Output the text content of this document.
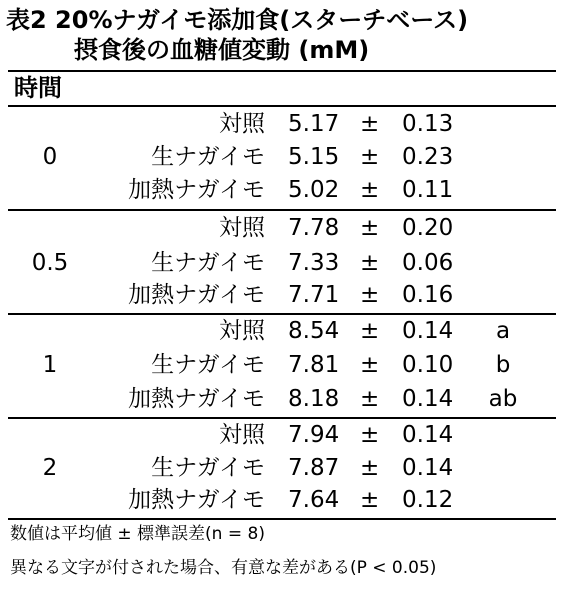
表2 20%ナガイモ添加食(スターチベース)
摂食後の血糖値変動 (mM)
時間
対照 5.17 ± 0.13
0	生ナガイモ 5.15 ± 0.23
加熱ナガイモ 5.02 ± 0.11
対照 7.78 ± 0.20
0.5	生ナガイモ 7.33 ± 0.06
加熱ナガイモ 7.71 ± 0.16
対照 8.54 ± 0.14	a
1	生ナガイモ 7.81 ± 0.10	b
加熱ナガイモ 8.18 ± 0.14	ab
対照 7.94 ± 0.14
2	生ナガイモ 7.87 ± 0.14
加熱ナガイモ 7.64 ± 0.12
数値は平均値 ± 標準誤差(n = 8)
異なる文字が付された場合、有意な差がある(P < 0.05)
